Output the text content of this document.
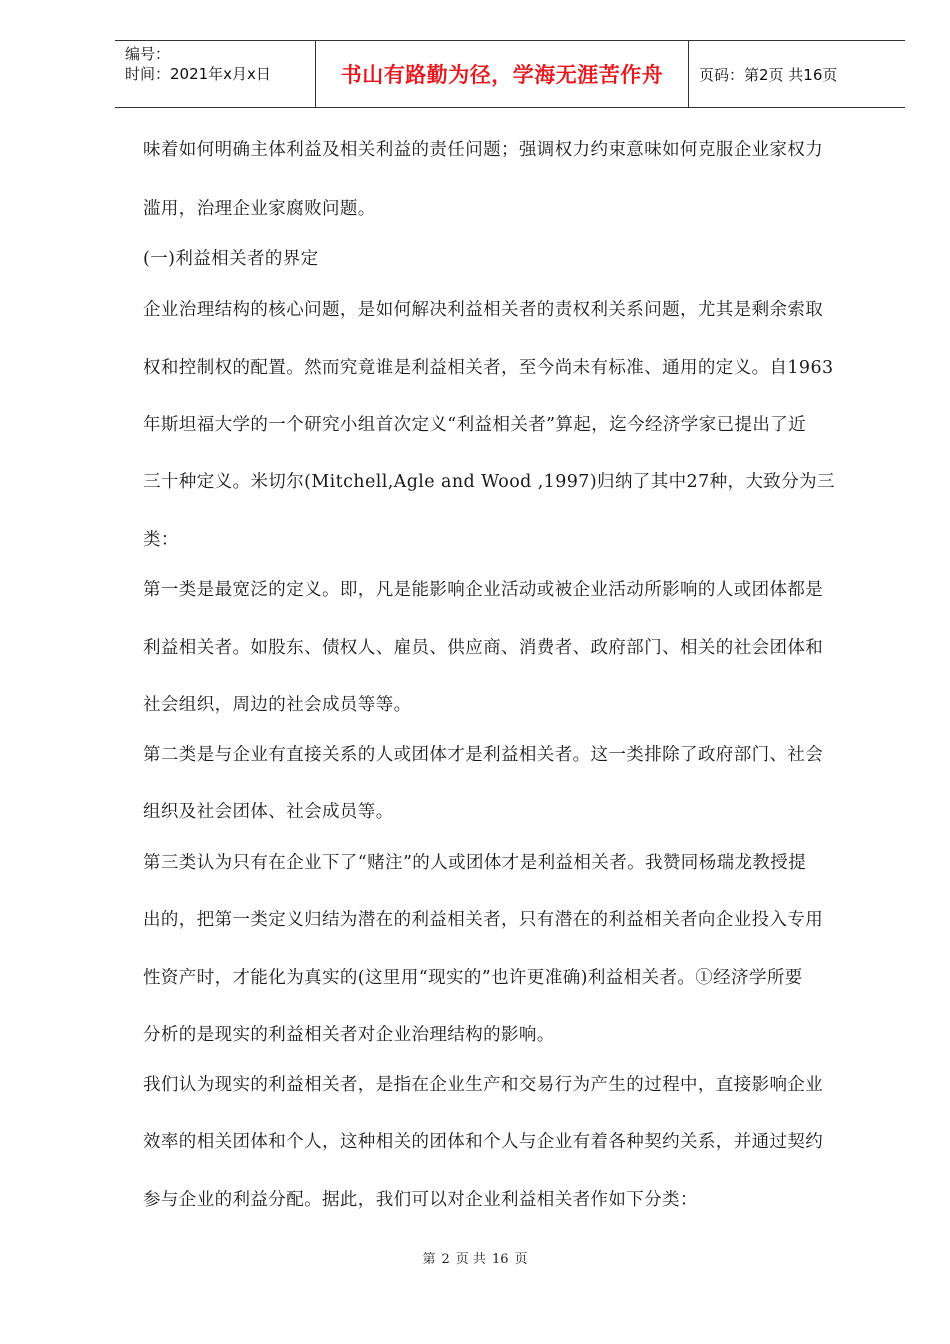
编号：
时间：2021年x月x日	书山有路勤为径，学海无涯苦作舟	页码：第2页 共16页
味着如何明确主体利益及相关利益的责任问题；强调权力约束意味如何克服企业家权力
滥用，治理企业家腐败问题。
(一)利益相关者的界定
企业治理结构的核心问题，是如何解决利益相关者的责权利关系问题，尤其是剩余索取
权和控制权的配置。然而究竟谁是利益相关者，至今尚未有标准、通用的定义。自1963
年斯坦福大学的一个研究小组首次定义“利益相关者”算起，迄今经济学家已提出了近
三十种定义。米切尔(Mitchell,Agle and Wood ,1997)归纳了其中27种，大致分为三
类：
第一类是最宽泛的定义。即，凡是能影响企业活动或被企业活动所影响的人或团体都是
利益相关者。如股东、债权人、雇员、供应商、消费者、政府部门、相关的社会团体和
社会组织，周边的社会成员等等。
第二类是与企业有直接关系的人或团体才是利益相关者。这一类排除了政府部门、社会
组织及社会团体、社会成员等。
第三类认为只有在企业下了“赌注”的人或团体才是利益相关者。我赞同杨瑞龙教授提
出的，把第一类定义归结为潜在的利益相关者，只有潜在的利益相关者向企业投入专用
性资产时，才能化为真实的(这里用“现实的”也许更准确)利益相关者。①经济学所要
分析的是现实的利益相关者对企业治理结构的影响。
我们认为现实的利益相关者，是指在企业生产和交易行为产生的过程中，直接影响企业
效率的相关团体和个人，这种相关的团体和个人与企业有着各种契约关系，并通过契约
参与企业的利益分配。据此，我们可以对企业利益相关者作如下分类：
第 2 页 共 16 页
